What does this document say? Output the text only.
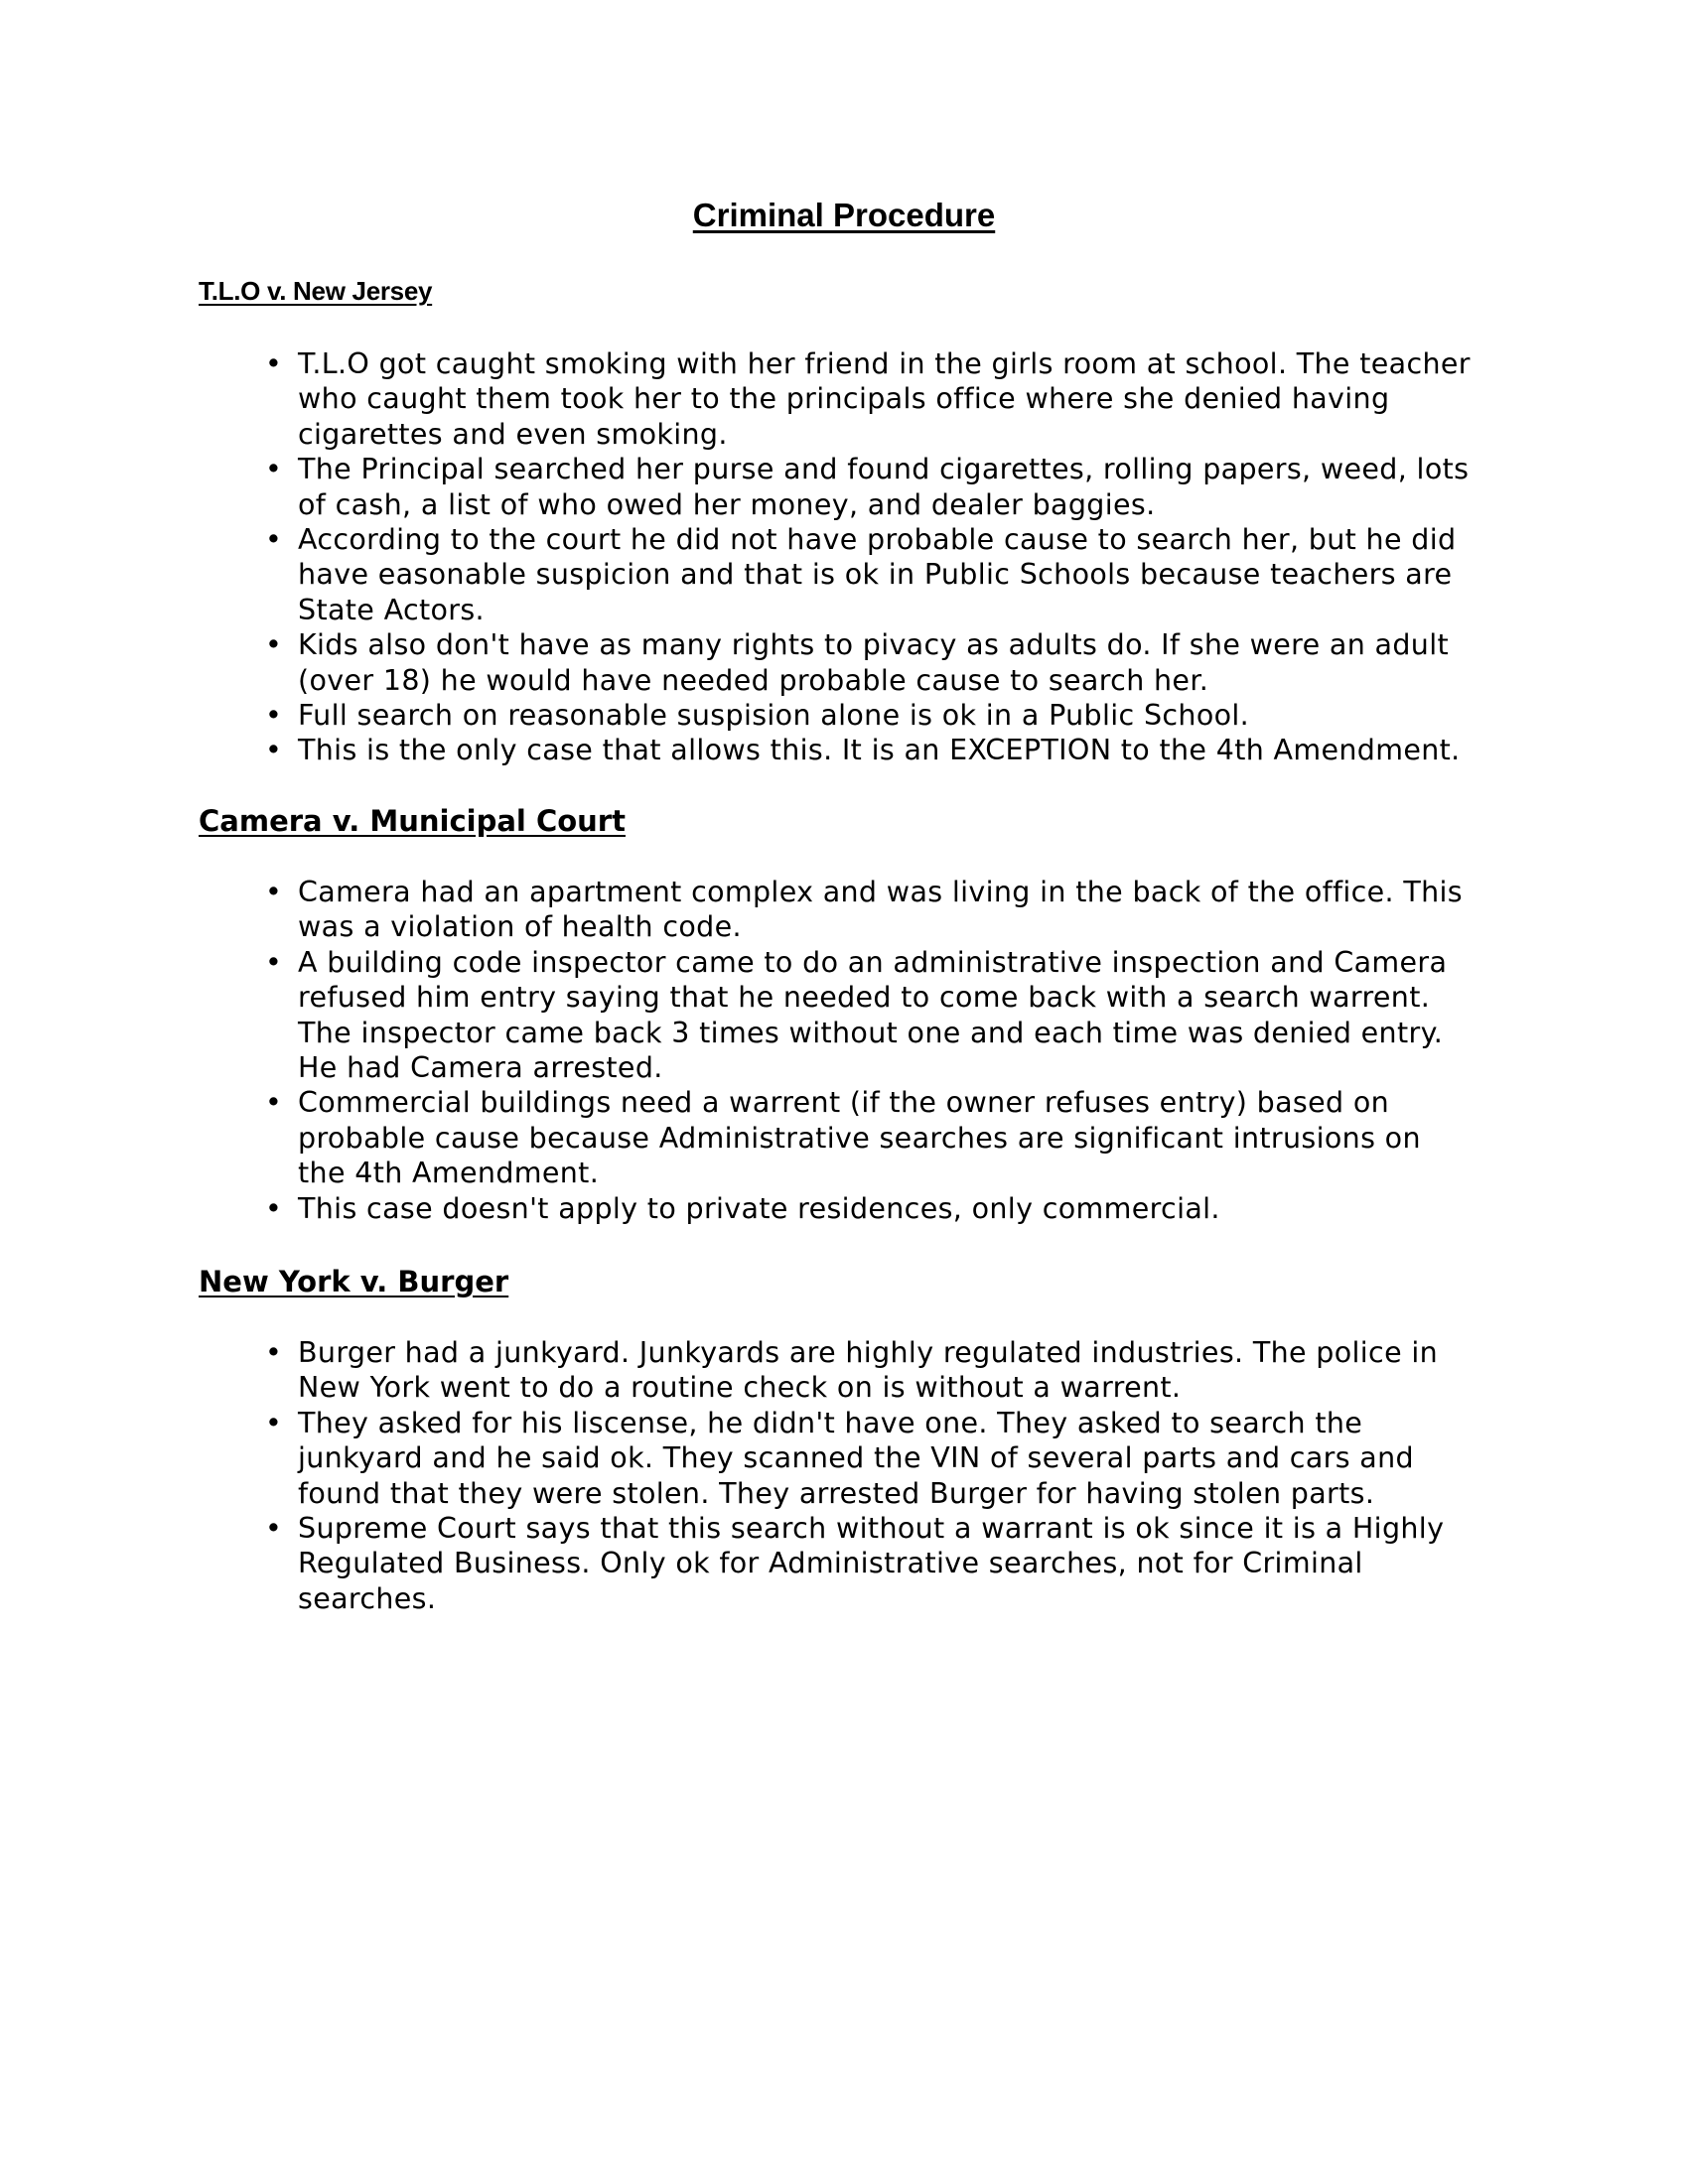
Criminal Procedure
T.L.O v. New Jersey
• T.L.O got caught smoking with her friend in the girls room at school. The teacher
who caught them took her to the principals office where she denied having
cigarettes and even smoking.
• The Principal searched her purse and found cigarettes, rolling papers, weed, lots
of cash, a list of who owed her money, and dealer baggies.
• According to the court he did not have probable cause to search her, but he did
have easonable suspicion and that is ok in Public Schools because teachers are
State Actors.
• Kids also don't have as many rights to pivacy as adults do. If she were an adult
(over 18) he would have needed probable cause to search her.
• Full search on reasonable suspision alone is ok in a Public School.
• This is the only case that allows this. It is an EXCEPTION to the 4th Amendment.
Camera v. Municipal Court
• Camera had an apartment complex and was living in the back of the office. This
was a violation of health code.
• A building code inspector came to do an administrative inspection and Camera
refused him entry saying that he needed to come back with a search warrent.
The inspector came back 3 times without one and each time was denied entry.
He had Camera arrested.
• Commercial buildings need a warrent (if the owner refuses entry) based on
probable cause because Administrative searches are significant intrusions on
the 4th Amendment.
• This case doesn't apply to private residences, only commercial.
New York v. Burger
• Burger had a junkyard. Junkyards are highly regulated industries. The police in
New York went to do a routine check on is without a warrent.
• They asked for his liscense, he didn't have one. They asked to search the
junkyard and he said ok. They scanned the VIN of several parts and cars and
found that they were stolen. They arrested Burger for having stolen parts.
• Supreme Court says that this search without a warrant is ok since it is a Highly
Regulated Business. Only ok for Administrative searches, not for Criminal
searches.
